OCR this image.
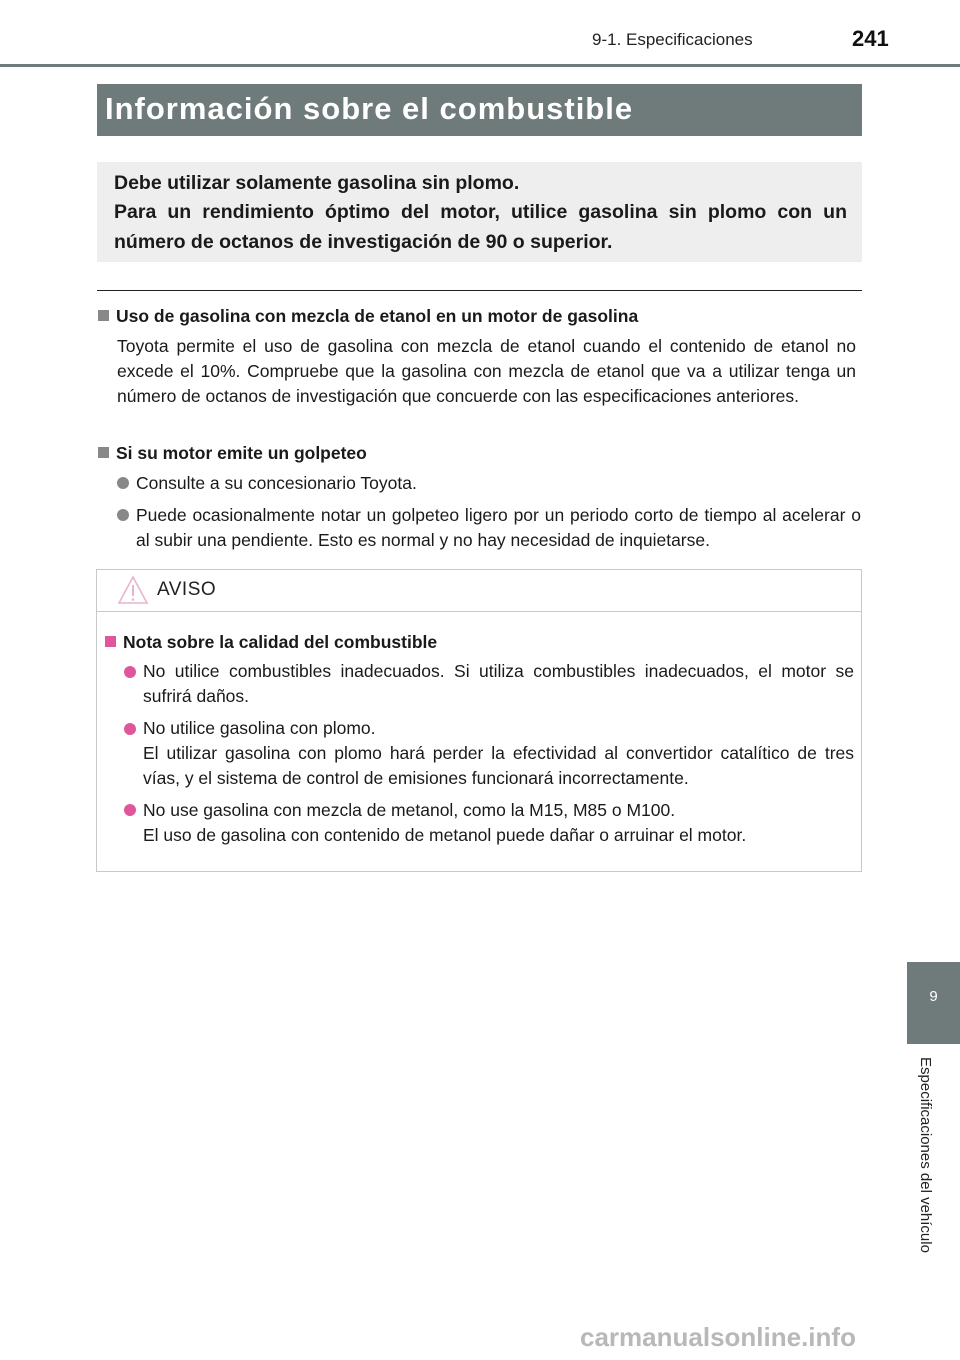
9-1. Especificaciones	241
Información sobre el combustible

Debe utilizar solamente gasolina sin plomo.

Para un rendimiento óptimo del motor, utilice gasolina sin plomo con un número de octanos de investigación de 90 o superior.

Uso de gasolina con mezcla de etanol en un motor de gasolina

Toyota permite el uso de gasolina con mezcla de etanol cuando el contenido de etanol no excede el 10%. Compruebe que la gasolina con mezcla de etanol que va a utilizar tenga un número de octanos de investigación que concuerde con las especificaciones anteriores.

Si su motor emite un golpeteo

Consulte a su concesionario Toyota.

Puede ocasionalmente notar un golpeteo ligero por un periodo corto de tiempo al acelerar o al subir una pendiente. Esto es normal y no hay necesidad de inquietarse.

AVISO
Nota sobre la calidad del combustible

No utilice combustibles inadecuados. Si utiliza combustibles inadecuados, el motor se sufrirá daños.

No utilice gasolina con plomo.

El utilizar gasolina con plomo hará perder la efectividad al convertidor catalítico de tres vías, y el sistema de control de emisiones funcionará incorrectamente.

No use gasolina con mezcla de metanol, como la M15, M85 o M100.

El uso de gasolina con contenido de metanol puede dañar o arruinar el motor.

9
Especificaciones del vehículo
carmanualsonline.info
